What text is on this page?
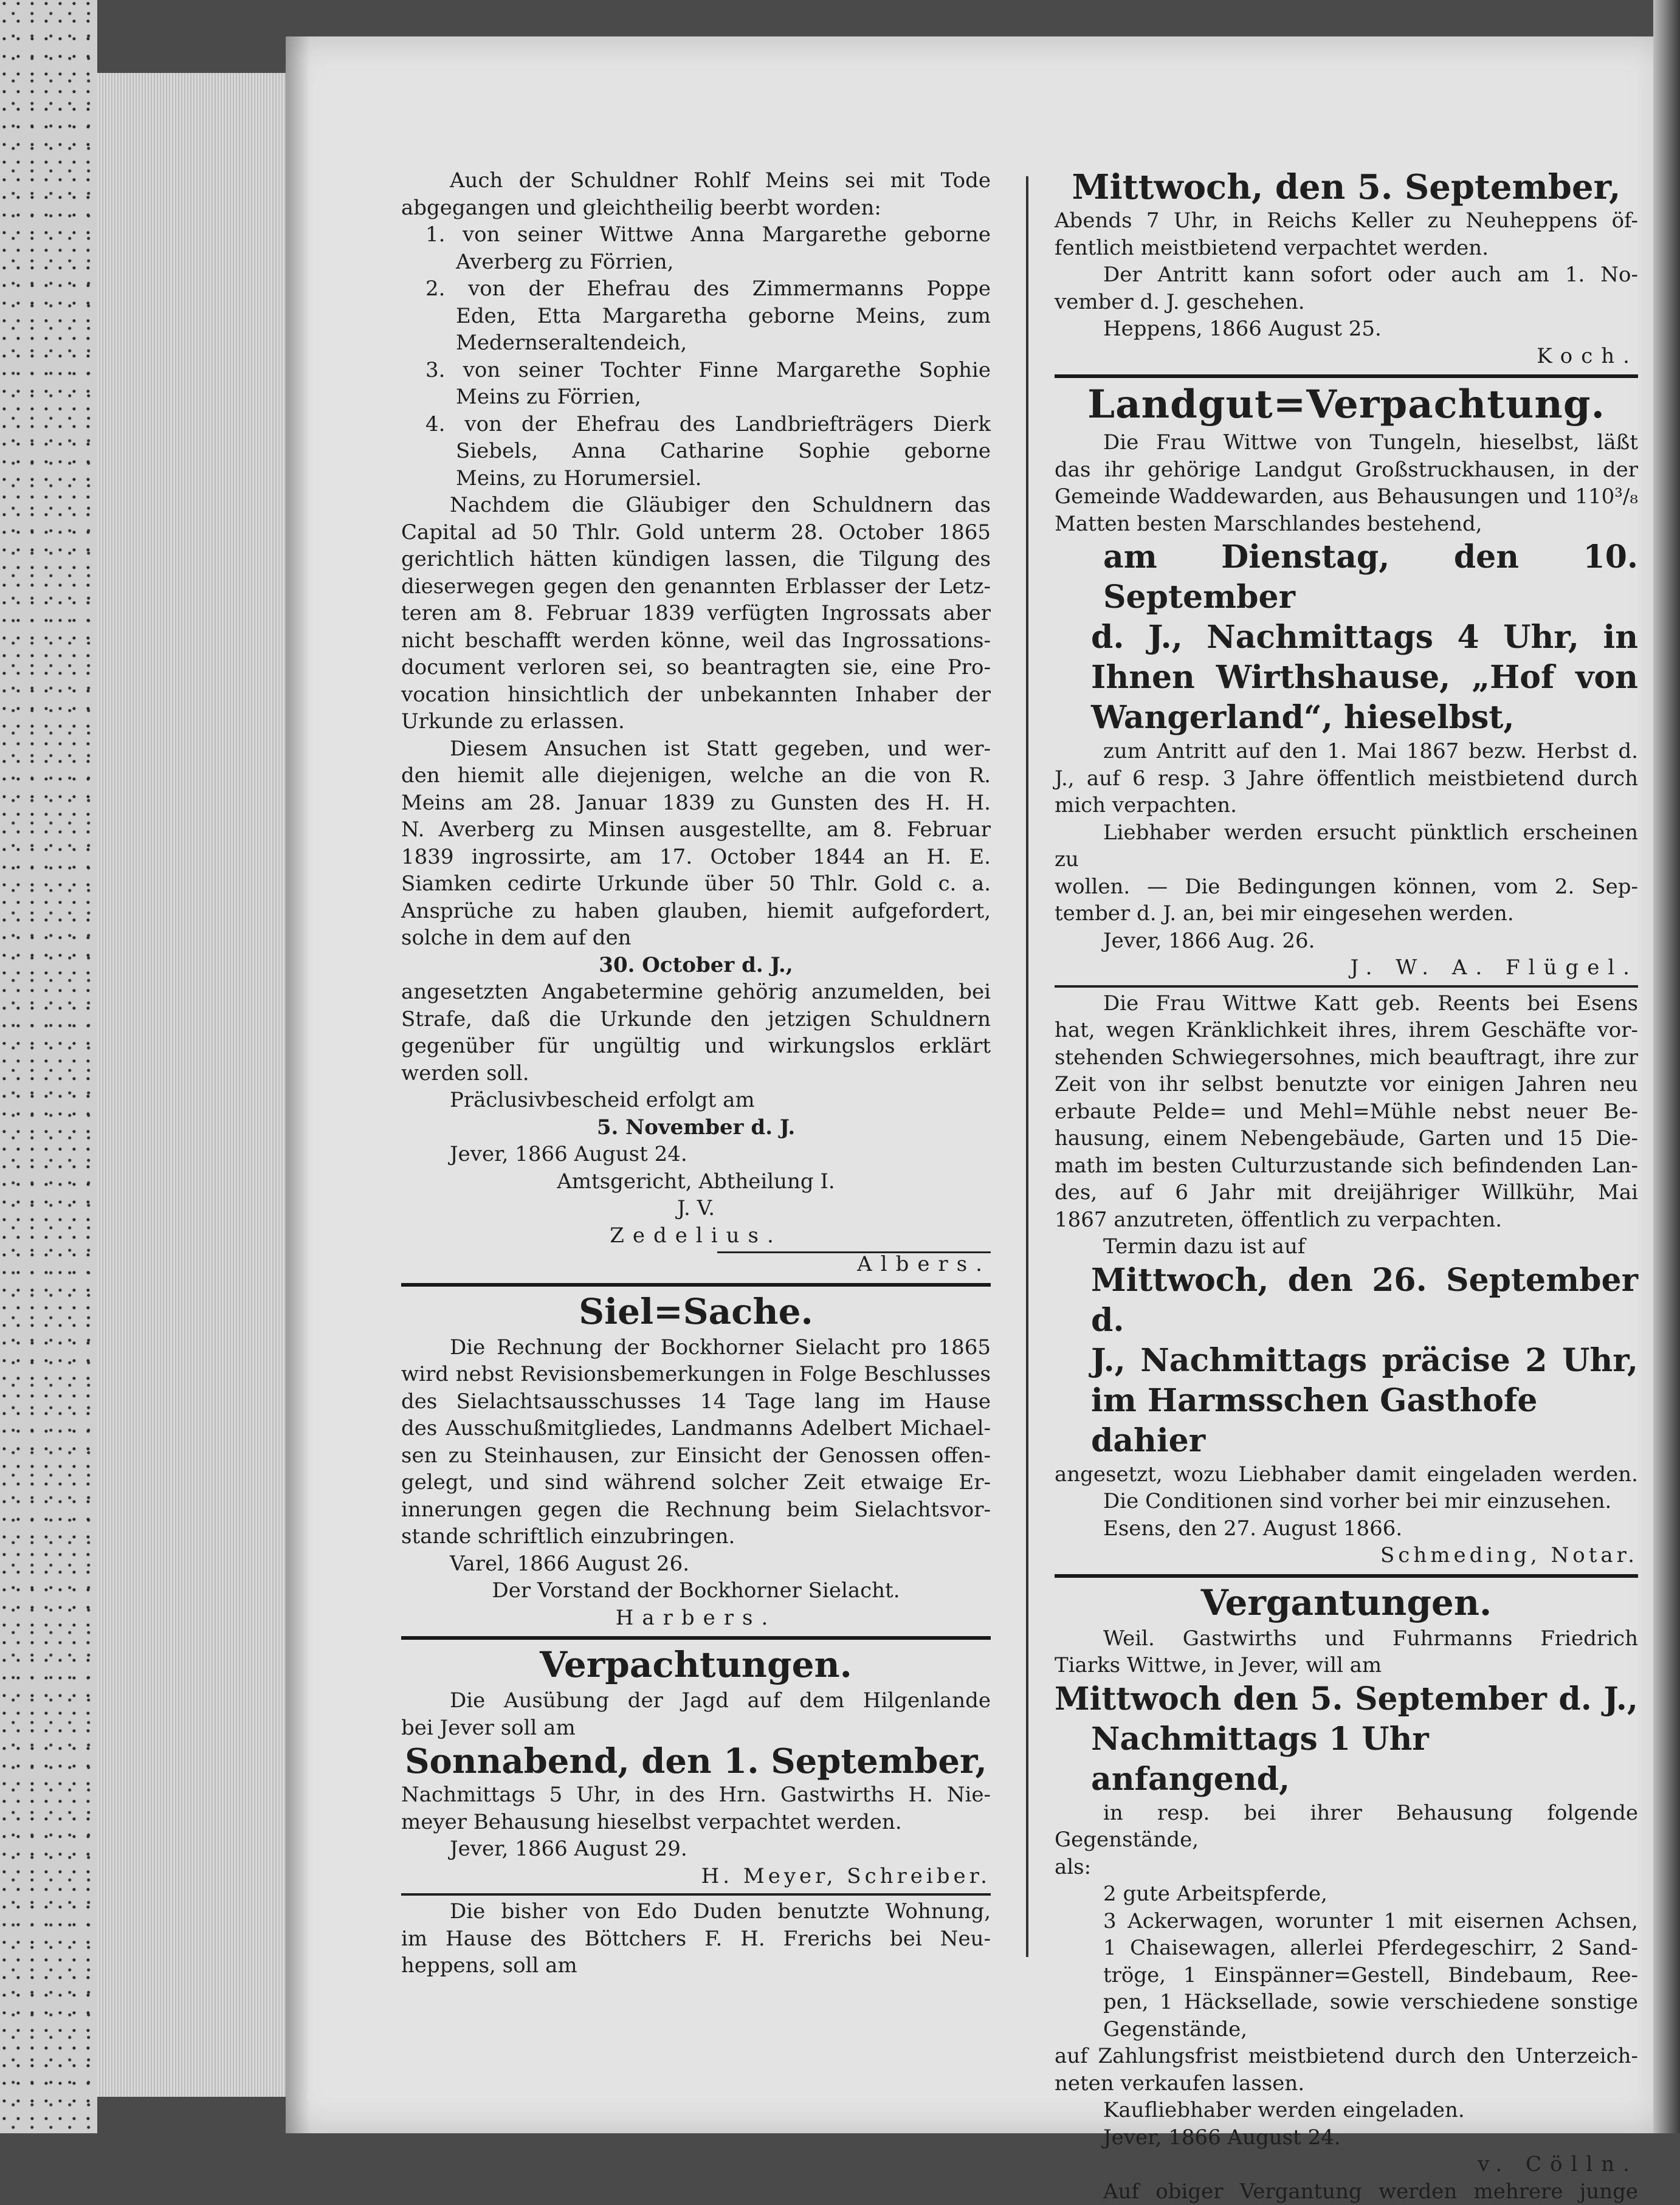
Auch der Schuldner Rohlf Meins sei mit Tode

abgegangen und gleichtheilig beerbt worden:

1. von seiner Wittwe Anna Margarethe geborne

Averberg zu Förrien,

2. von der Ehefrau des Zimmermanns Poppe

Eden, Etta Margaretha geborne Meins, zum

Medernseraltendeich,

3. von seiner Tochter Finne Margarethe Sophie

Meins zu Förrien,

4. von der Ehefrau des Landbriefträgers Dierk

Siebels, Anna Catharine Sophie geborne

Meins, zu Horumersiel.

Nachdem die Gläubiger den Schuldnern das

Capital ad 50 Thlr. Gold unterm 28. October 1865

gerichtlich hätten kündigen lassen, die Tilgung des

dieserwegen gegen den genannten Erblasser der Letz-

teren am 8. Februar 1839 verfügten Ingrossats aber

nicht beschafft werden könne, weil das Ingrossations-

document verloren sei, so beantragten sie, eine Pro-

vocation hinsichtlich der unbekannten Inhaber der

Urkunde zu erlassen.

Diesem Ansuchen ist Statt gegeben, und wer-

den hiemit alle diejenigen, welche an die von R.

Meins am 28. Januar 1839 zu Gunsten des H. H.

N. Averberg zu Minsen ausgestellte, am 8. Februar

1839 ingrossirte, am 17. October 1844 an H. E.

Siamken cedirte Urkunde über 50 Thlr. Gold c. a.

Ansprüche zu haben glauben, hiemit aufgefordert,

solche in dem auf den

30. October d. J.,

angesetzten Angabetermine gehörig anzumelden, bei

Strafe, daß die Urkunde den jetzigen Schuldnern

gegenüber für ungültig und wirkungslos erklärt

werden soll.

Präclusivbescheid erfolgt am

5. November d. J.

Jever, 1866 August 24.

Amtsgericht, Abtheilung I.

J. V.

Zedelius.

Albers.

Siel=Sache.

Die Rechnung der Bockhorner Sielacht pro 1865

wird nebst Revisionsbemerkungen in Folge Beschlusses

des Sielachtsausschusses 14 Tage lang im Hause

des Ausschußmitgliedes, Landmanns Adelbert Michael-

sen zu Steinhausen, zur Einsicht der Genossen offen-

gelegt, und sind während solcher Zeit etwaige Er-

innerungen gegen die Rechnung beim Sielachtsvor-

stande schriftlich einzubringen.

Varel, 1866 August 26.

Der Vorstand der Bockhorner Sielacht.

Harbers.

Verpachtungen.

Die Ausübung der Jagd auf dem Hilgenlande

bei Jever soll am

Sonnabend, den 1. September,

Nachmittags 5 Uhr, in des Hrn. Gastwirths H. Nie-

meyer Behausung hieselbst verpachtet werden.

Jever, 1866 August 29.

H. Meyer, Schreiber.

Die bisher von Edo Duden benutzte Wohnung,

im Hause des Böttchers F. H. Frerichs bei Neu-

heppens, soll am

Mittwoch, den 5. September,

Abends 7 Uhr, in Reichs Keller zu Neuheppens öf-

fentlich meistbietend verpachtet werden.

Der Antritt kann sofort oder auch am 1. No-

vember d. J. geschehen.

Heppens, 1866 August 25.

Koch.

Landgut=Verpachtung.

Die Frau Wittwe von Tungeln, hieselbst, läßt

das ihr gehörige Landgut Großstruckhausen, in der

Gemeinde Waddewarden, aus Behausungen und 110³/₈

Matten besten Marschlandes bestehend,

am Dienstag, den 10. September

d. J., Nachmittags 4 Uhr, in

Ihnen Wirthshause, „Hof von

Wangerland“, hieselbst,

zum Antritt auf den 1. Mai 1867 bezw. Herbst d.

J., auf 6 resp. 3 Jahre öffentlich meistbietend durch

mich verpachten.

Liebhaber werden ersucht pünktlich erscheinen zu

wollen. — Die Bedingungen können, vom 2. Sep-

tember d. J. an, bei mir eingesehen werden.

Jever, 1866 Aug. 26.

J. W. A. Flügel.

Die Frau Wittwe Katt geb. Reents bei Esens

hat, wegen Kränklichkeit ihres, ihrem Geschäfte vor-

stehenden Schwiegersohnes, mich beauftragt, ihre zur

Zeit von ihr selbst benutzte vor einigen Jahren neu

erbaute Pelde= und Mehl=Mühle nebst neuer Be-

hausung, einem Nebengebäude, Garten und 15 Die-

math im besten Culturzustande sich befindenden Lan-

des, auf 6 Jahr mit dreijähriger Willkühr, Mai

1867 anzutreten, öffentlich zu verpachten.

Termin dazu ist auf

Mittwoch, den 26. September d.

J., Nachmittags präcise 2 Uhr,

im Harmsschen Gasthofe dahier

angesetzt, wozu Liebhaber damit eingeladen werden.

Die Conditionen sind vorher bei mir einzusehen.

Esens, den 27. August 1866.

Schmeding, Notar.

Vergantungen.

Weil. Gastwirths und Fuhrmanns Friedrich

Tiarks Wittwe, in Jever, will am

Mittwoch den 5. September d. J.,

Nachmittags 1 Uhr anfangend,

in resp. bei ihrer Behausung folgende Gegenstände,

als:

2 gute Arbeitspferde,

3 Ackerwagen, worunter 1 mit eisernen Achsen,

1 Chaisewagen, allerlei Pferdegeschirr, 2 Sand-

tröge, 1 Einspänner=Gestell, Bindebaum, Ree-

pen, 1 Häcksellade, sowie verschiedene sonstige

Gegenstände,

auf Zahlungsfrist meistbietend durch den Unterzeich-

neten verkaufen lassen.

Kaufliebhaber werden eingeladen.

Jever, 1866 August 24.

v. Cölln.

Auf obiger Vergantung werden mehrere junge
